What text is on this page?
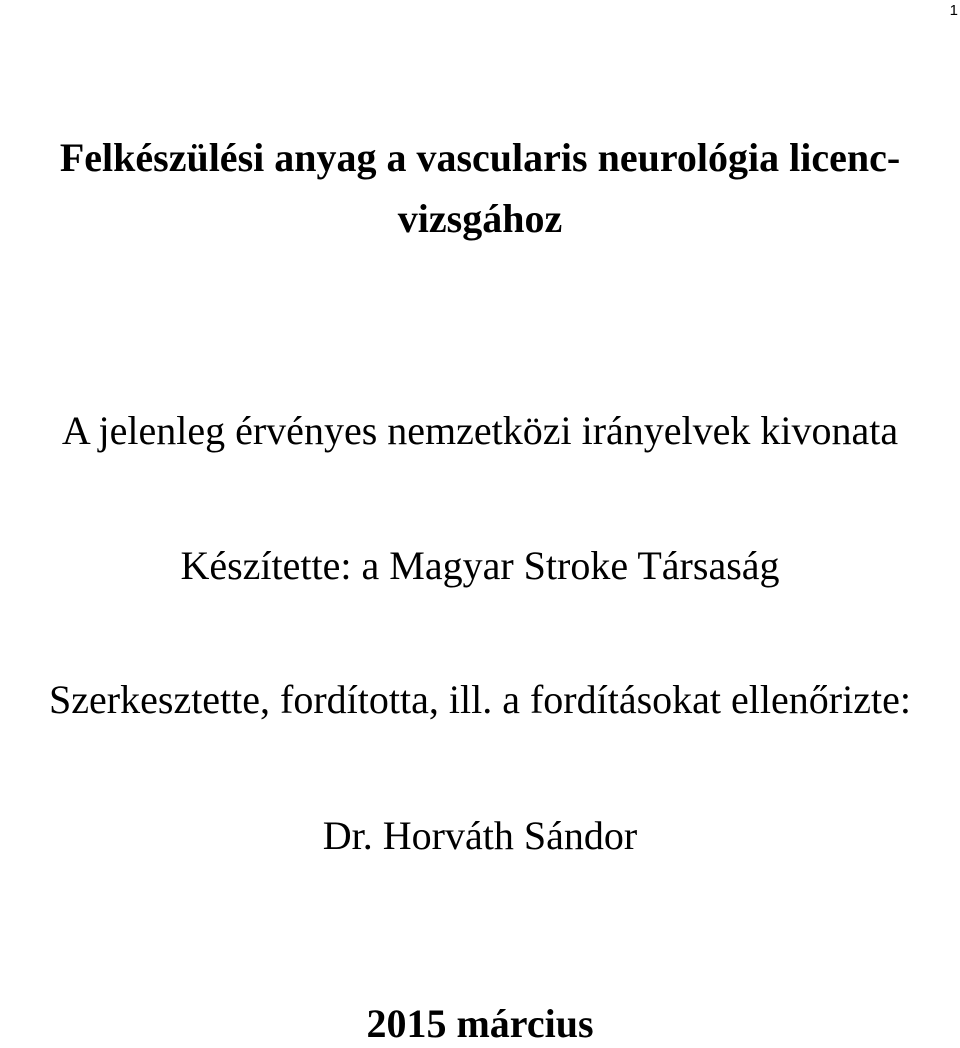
1
Felkészülési anyag a vascularis neurológia licenc-
vizsgához
A jelenleg érvényes nemzetközi irányelvek kivonata
Készítette: a Magyar Stroke Társaság
Szerkesztette, fordította, ill. a fordításokat ellenőrizte:
Dr. Horváth Sándor
2015 március
